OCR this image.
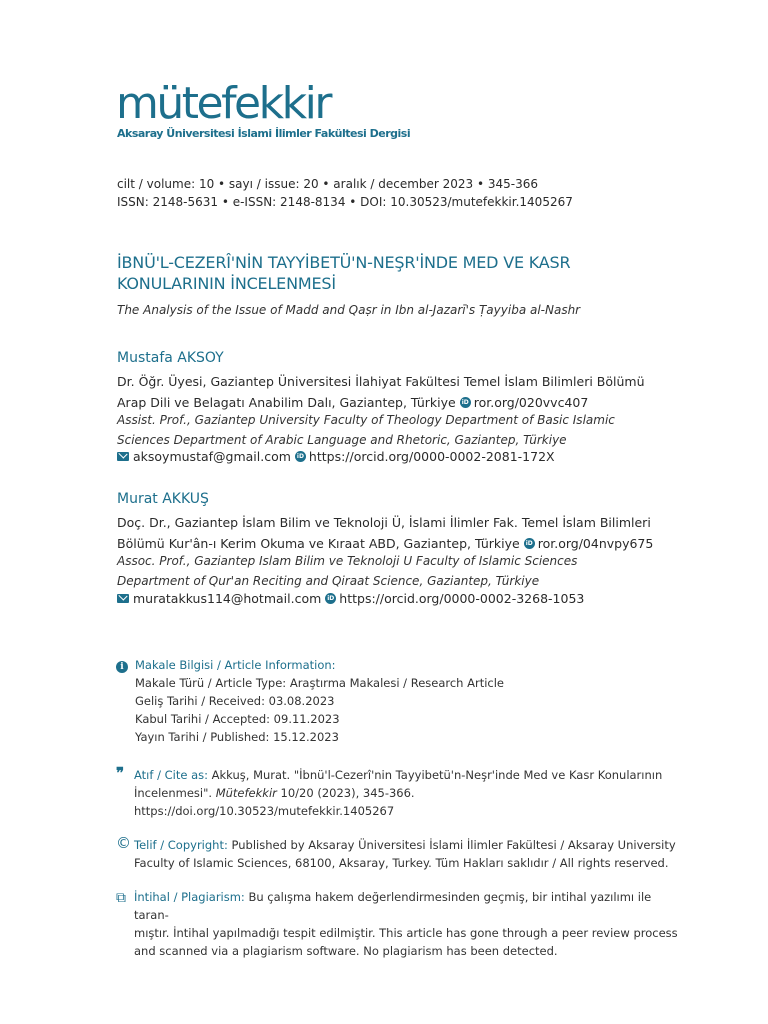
mütefekkir
Aksaray Üniversitesi İslami İlimler Fakültesi Dergisi
cilt / volume: 10 • sayı / issue: 20 • aralık / december 2023 • 345-366
ISSN: 2148-5631 • e-ISSN: 2148-8134 • DOI: 10.30523/mutefekkir.1405267
İBNÜ'L-CEZERÎ'NİN TAYYİBETÜ'N-NEŞR'İNDE MED VE KASR
KONULARININ İNCELENMESİ
The Analysis of the Issue of Madd and Qaṣr in Ibn al-Jazarī's Ṭayyiba al-Nashr
Mustafa AKSOY
Dr. Öğr. Üyesi, Gaziantep Üniversitesi İlahiyat Fakültesi Temel İslam Bilimleri Bölümü
Arap Dili ve Belagatı Anabilim Dalı, Gaziantep, Türkiye iD ror.org/020vvc407
Assist. Prof., Gaziantep University Faculty of Theology Department of Basic Islamic
Sciences Department of Arabic Language and Rhetoric, Gaziantep, Türkiye
aksoymustaf@gmail.com iD https://orcid.org/0000-0002-2081-172X
Murat AKKUŞ
Doç. Dr., Gaziantep İslam Bilim ve Teknoloji Ü, İslami İlimler Fak. Temel İslam Bilimleri
Bölümü Kur'ân-ı Kerim Okuma ve Kıraat ABD, Gaziantep, Türkiye iD ror.org/04nvpy675
Assoc. Prof., Gaziantep Islam Bilim ve Teknoloji U Faculty of Islamic Sciences
Department of Qur'an Reciting and Qiraat Science, Gaziantep, Türkiye
muratakkus114@hotmail.com iD https://orcid.org/0000-0002-3268-1053
i Makale Bilgisi / Article Information:
Makale Türü / Article Type: Araştırma Makalesi / Research Article
Geliş Tarihi / Received: 03.08.2023
Kabul Tarihi / Accepted: 09.11.2023
Yayın Tarihi / Published: 15.12.2023
❞ Atıf / Cite as: Akkuş, Murat. "İbnü'l-Cezerî'nin Tayyibetü'n-Neşr'inde Med ve Kasr Konularının
İncelenmesi". Mütefekkir 10/20 (2023), 345-366.
https://doi.org/10.30523/mutefekkir.1405267
© Telif / Copyright: Published by Aksaray Üniversitesi İslami İlimler Fakültesi / Aksaray University
Faculty of Islamic Sciences, 68100, Aksaray, Turkey. Tüm Hakları saklıdır / All rights reserved.
⧉ İntihal / Plagiarism: Bu çalışma hakem değerlendirmesinden geçmiş, bir intihal yazılımı ile taran-
mıştır. İntihal yapılmadığı tespit edilmiştir. This article has gone through a peer review process
and scanned via a plagiarism software. No plagiarism has been detected.
